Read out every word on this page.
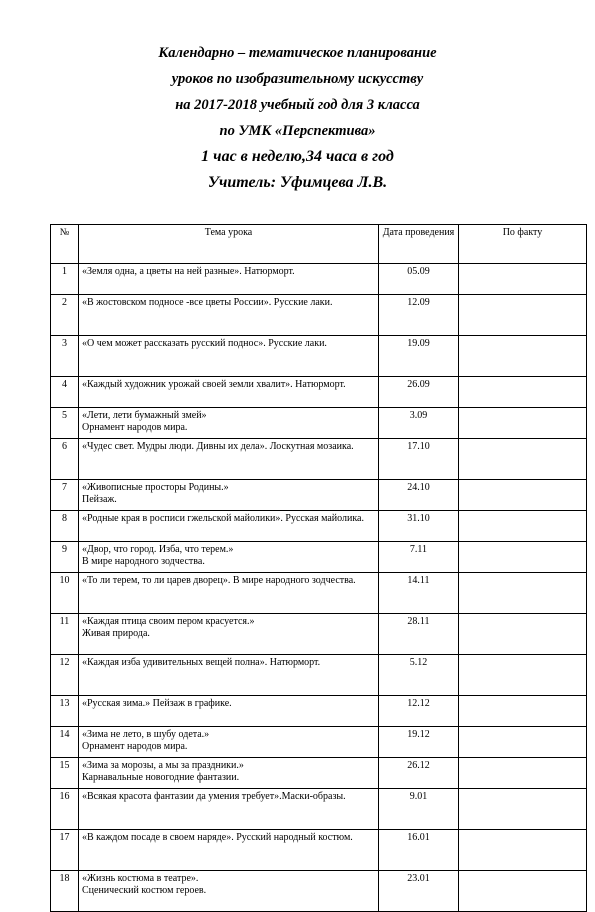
Календарно – тематическое планирование
уроков по изобразительному искусству
на 2017-2018 учебный год для 3 класса
по УМК «Перспектива»
1 час в неделю,34 часа в год
Учитель: Уфимцева Л.В.
№	Тема урока	Дата проведения	По факту
1	«Земля одна, а цветы на ней разные». Натюрморт.	05.09	
2	«В жостовском подносе -все цветы России». Русские лаки.	12.09	
3	«О чем может рассказать русский поднос». Русские лаки.	19.09	
4	«Каждый художник урожай своей земли хвалит». Натюрморт.	26.09	
5	«Лети, лети бумажный змей»
Орнамент народов мира.	3.09	
6	«Чудес свет. Мудры люди. Дивны их дела». Лоскутная мозаика.	17.10	
7	«Живописные просторы Родины.»
Пейзаж.	24.10	
8	«Родные края в росписи гжельской майолики». Русская майолика.	31.10	
9	«Двор, что город. Изба, что терем.»
В мире народного зодчества.	7.11	
10	«То ли терем, то ли царев дворец». В мире народного зодчества.	14.11	
11	«Каждая птица своим пером красуется.»
Живая природа.	28.11	
12	«Каждая изба удивительных вещей полна». Натюрморт.	5.12	
13	«Русская зима.» Пейзаж в графике.	12.12	
14	«Зима не лето, в шубу одета.»
Орнамент народов мира.	19.12	
15	«Зима за морозы, а мы за праздники.»
Карнавальные новогодние фантазии.	26.12	
16	«Всякая красота фантазии да умения требует».Маски-образы.	9.01	
17	«В каждом посаде в своем наряде». Русский народный костюм.	16.01	
18	«Жизнь костюма в театре».
Сценический костюм героев.	23.01	
